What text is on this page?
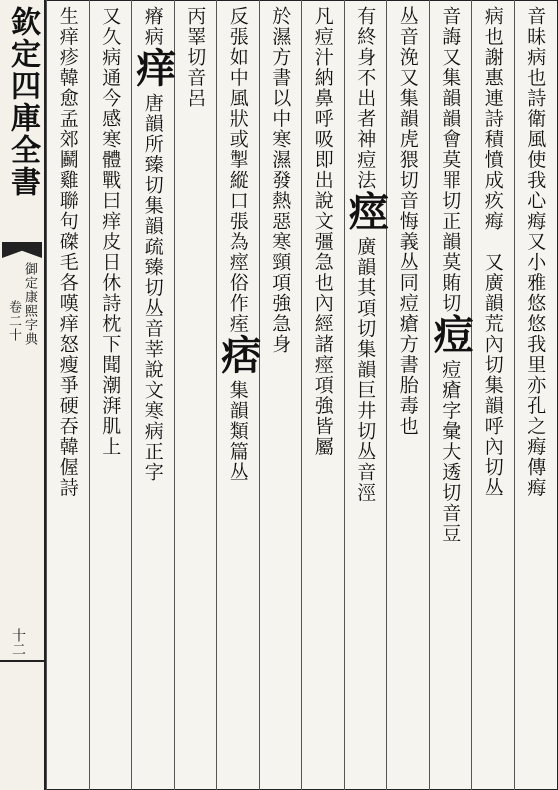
音昧病也詩衛風使我心痗又小雅悠悠我里亦孔之痗傳痗
病也謝惠連詩積憤成疚痗　又廣韻荒內切集韻呼內切丛
音誨又集韻韻會莫罪切正韻莫賄切痘痘瘡字彙大透切音豆
丛音浼又集韻虎猥切音悔義丛同痘瘡方書胎毒也
有終身不出者神痘法痙廣韻其項切集韻巨井切丛音涇
凡痘汁納鼻呼吸即出說文彊急也內經諸痙項強皆屬
於濕方書以中寒濕發熱惡寒頸項強急身
反張如中風狀或掣縱口張為痙俗作痓痞集韻類篇丛
丙睪切音呂
瘠病痒唐韻所臻切集韻疏臻切丛音莘說文寒病正字
又久病通今感寒體戰曰痒皮日休詩枕下聞潮湃肌上
生痒疹韓愈孟郊鬬雞聯句磔毛各嘆痒怒瘦爭硬吞韓偓詩
欽定四庫全書
御定康熙字典
卷二十
十二
